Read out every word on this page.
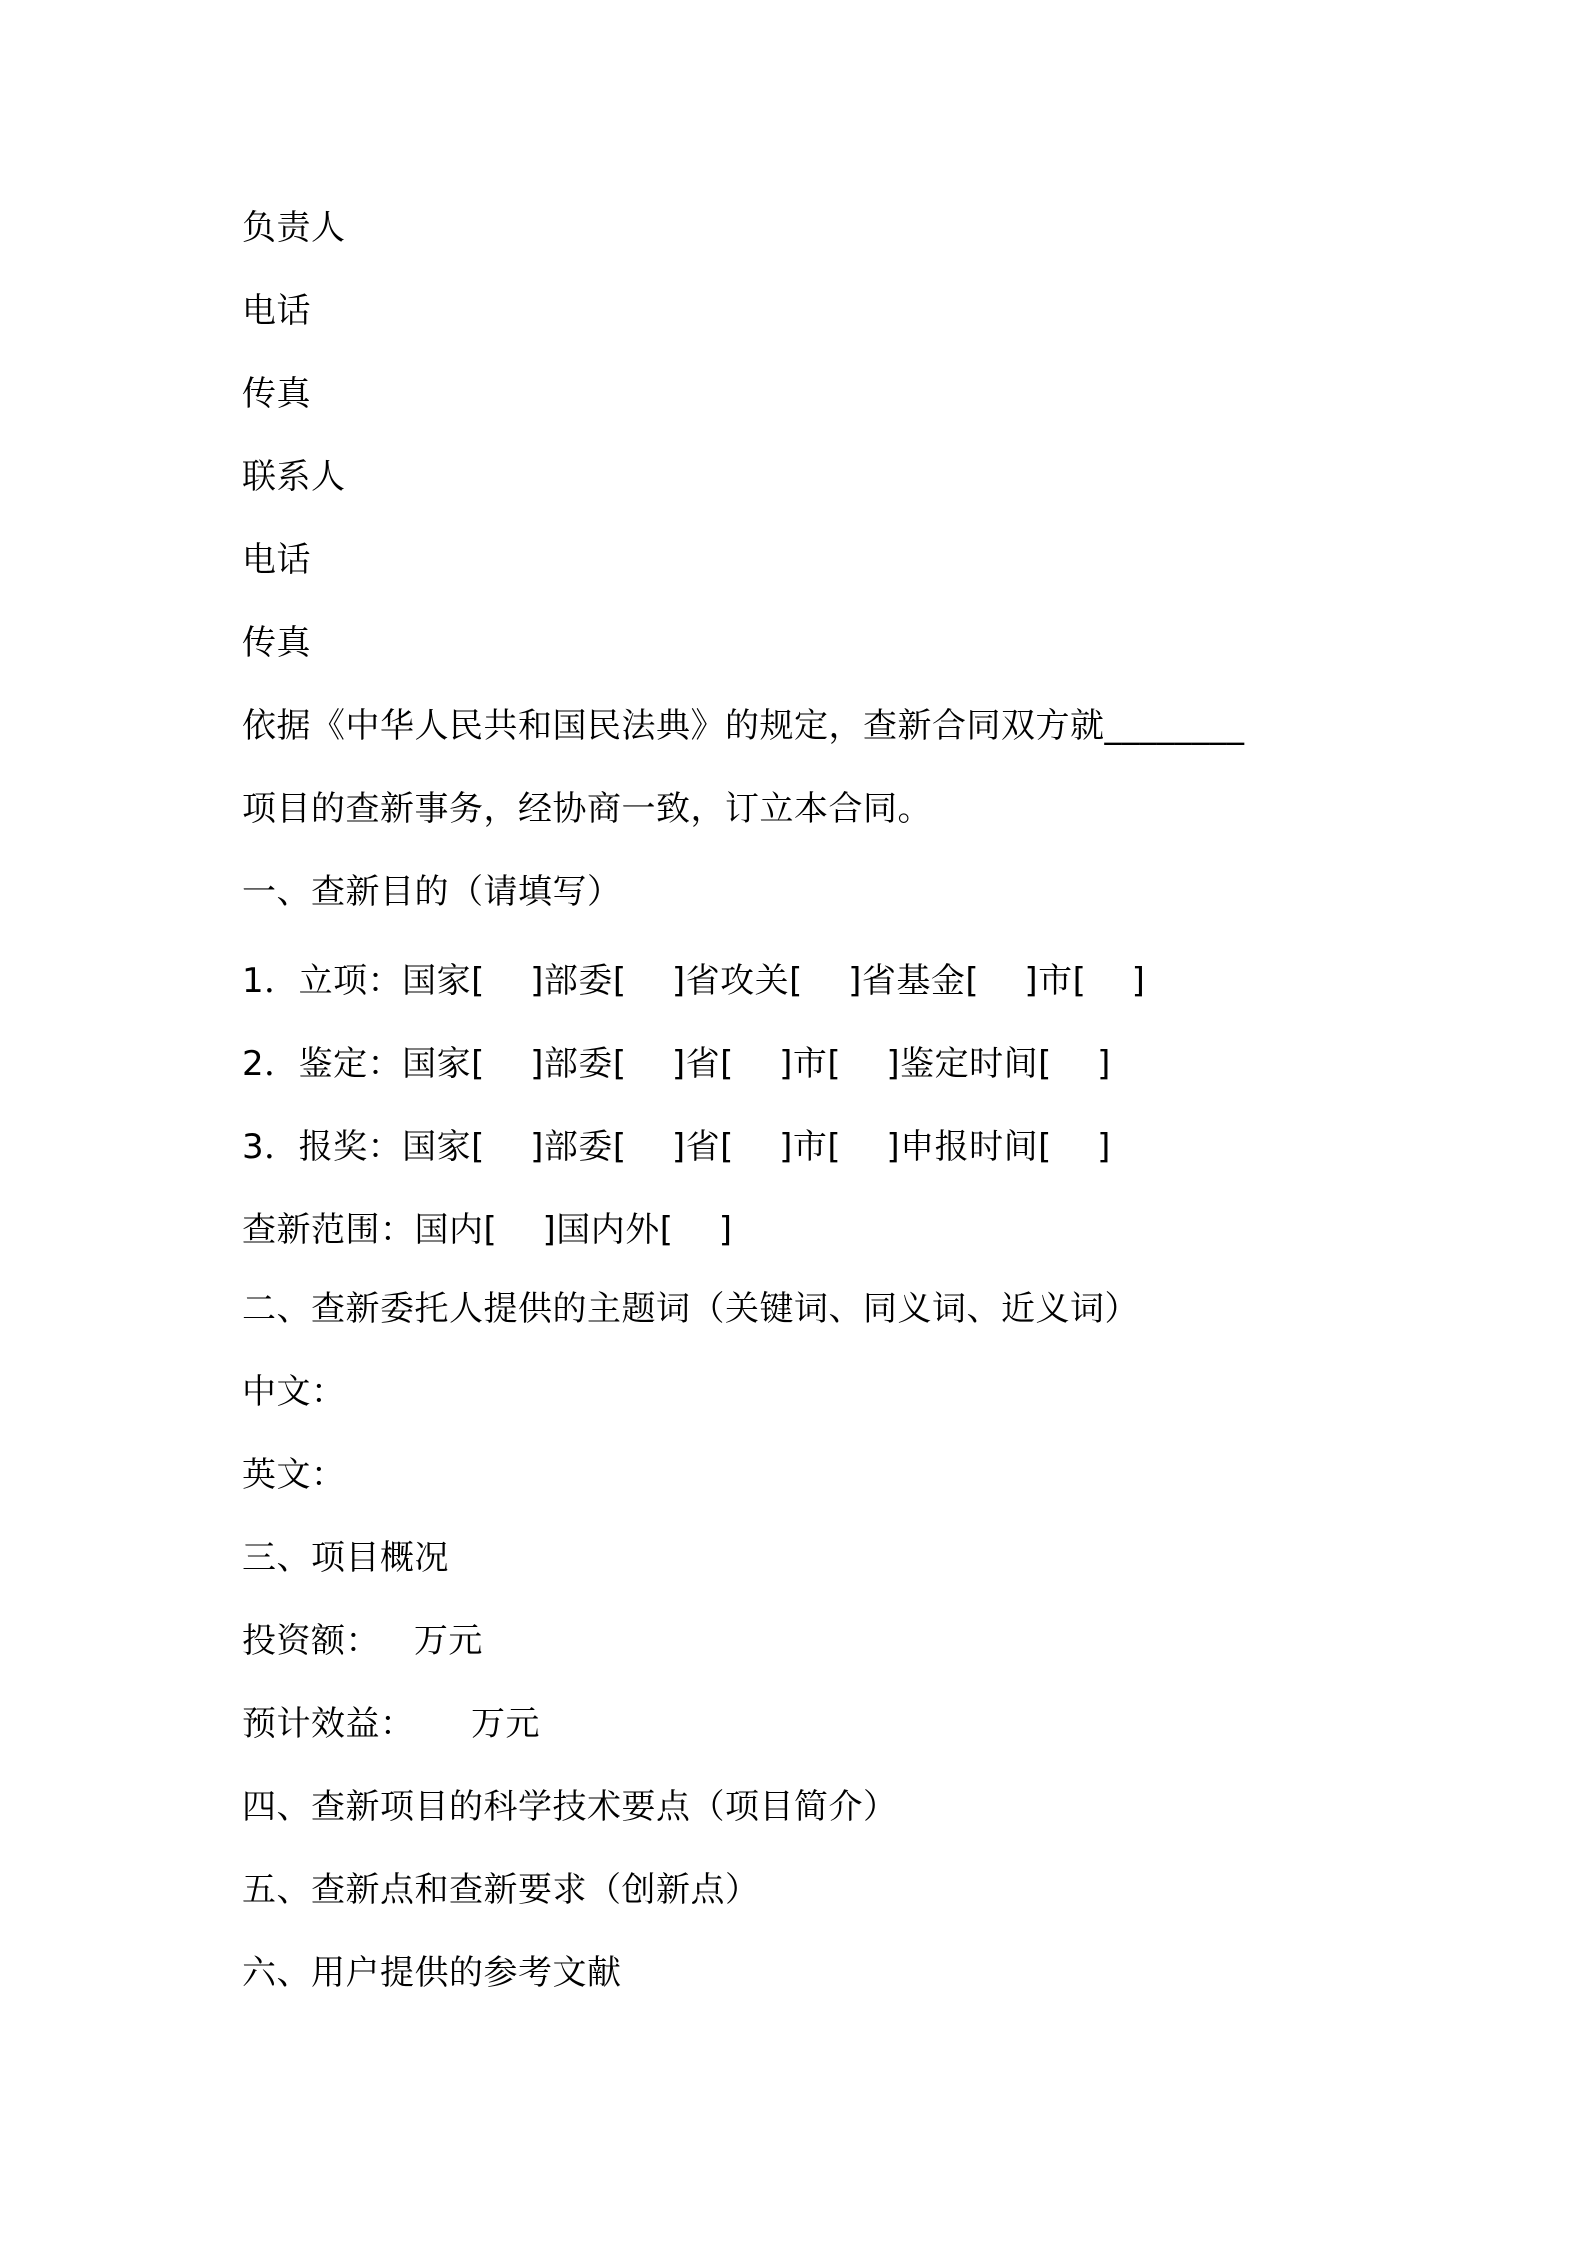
负责人
电话
传真
联系人
电话
传真
依据《中华人民共和国民法典》的规定，查新合同双方就________
项目的查新事务，经协商一致，订立本合同。
一、查新目的（请填写）
1．立项：国家[    ]部委[    ]省攻关[    ]省基金[    ]市[    ]
2．鉴定：国家[    ]部委[    ]省[    ]市[    ]鉴定时间[    ]
3．报奖：国家[    ]部委[    ]省[    ]市[    ]申报时间[    ]
查新范围：国内[    ]国内外[    ]
二、查新委托人提供的主题词（关键词、同义词、近义词）
中文：
英文：
三、项目概况
投资额：   万元
预计效益：     万元
四、查新项目的科学技术要点（项目简介）
五、查新点和查新要求（创新点）
六、用户提供的参考文献
